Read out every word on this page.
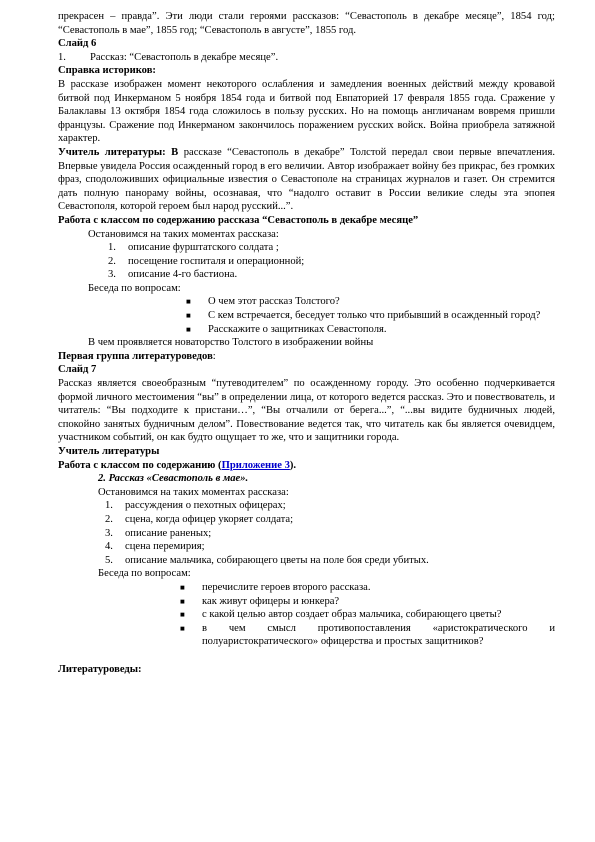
прекрасен – правда”. Эти люди стали героями рассказов: “Севастополь в декабре месяце”, 1854 год; “Севастополь в мае”, 1855 год; “Севастополь в августе”, 1855 год.

Слайд 6

1. Рассказ: “Севастополь в декабре месяце”.

Справка историков:

В рассказе изображен момент некоторого ослабления и замедления военных действий между кровавой битвой под Инкерманом 5 ноября 1854 года и битвой под Евпаторией 17 февраля 1855 года. Сражение у Балаклавы 13 октября 1854 года сложилось в пользу русских. Но на помощь англичанам вовремя пришли французы. Сражение под Инкерманом закончилось поражением русских войск. Война приобрела затяжной характер.

Учитель литературы: В рассказе “Севастополь в декабре” Толстой передал свои первые впечатления. Впервые увидела Россия осажденный город в его величии. Автор изображает войну без прикрас, без громких фраз, сподоложивших официальные известия о Севастополе на страницах журналов и газет. Он стремится дать полную панораму войны, осознавая, что “надолго оставит в России великие следы эта эпопея Севастополя, которой героем был народ русский...”.

Работа с классом по содержанию рассказа “Севастополь в декабре месяце”

Остановимся на таких моментах рассказа:

1. описание фурштатского солдата ;
2. посещение госпиталя и операционной;
3. описание 4-го бастиона.

Беседа по вопросам:

■ О чем этот рассказ Толстого?
■ С кем встречается, беседует только что прибывший в осажденный город?
■ Расскажите о защитниках Севастополя.

В чем проявляется новаторство Толстого в изображении войны

Первая группа литературоведов:

Слайд 7

Рассказ является своеобразным “путеводителем” по осажденному городу. Это особенно подчеркивается формой личного местоимения “вы” в определении лица, от которого ведется рассказ. Это и повествователь, и читатель: “Вы подходите к пристани…”, “Вы отчалили от берега...”, “...вы видите будничных людей, спокойно занятых будничным делом”. Повествование ведется так, что читатель как бы является очевидцем, участником событий, он как будто ощущает то же, что и защитники города.

Учитель литературы

Работа с классом по содержанию (Приложение 3).

2. Рассказ «Севастополь в мае».

Остановимся на таких моментах рассказа:

1. рассуждения о пехотных офицерах;
2. сцена, когда офицер укоряет солдата;
3. описание раненых;
4. сцена перемирия;
5. описание мальчика, собирающего цветы на поле боя среди убитых.

Беседа по вопросам:

■ перечислите героев второго рассказа.
■ как живут офицеры и юнкера?
■ с какой целью автор создает образ мальчика, собирающего цветы?
■ в чем смысл противопоставления «аристократического и полуаристократического» офицерства и простых защитников?

Литературоведы:
